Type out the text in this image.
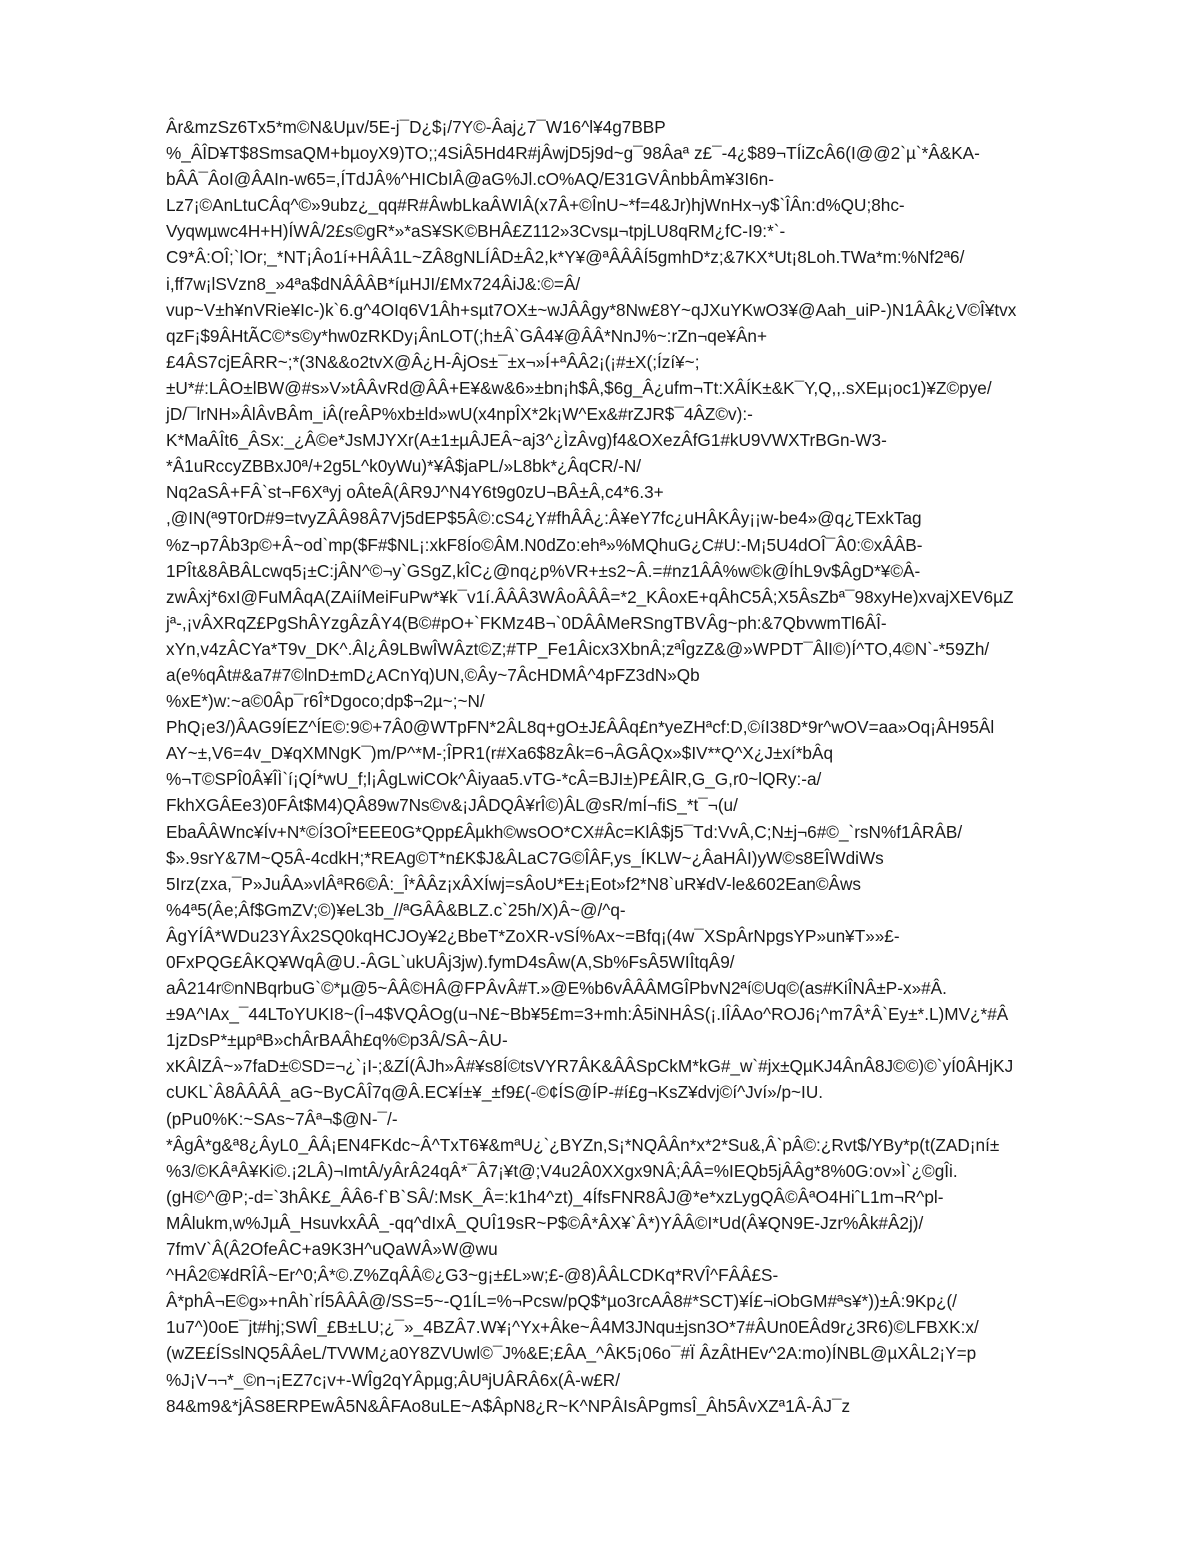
Âr&mzSz6Tx5*m©N&Uµv/5E-j¯D¿$¡/7Y©-Âaj¿7¯W16^l¥4g7BBP
%_ÂÎD¥T$8SmsaQM+bµoyX9)TO;;4SiÂ5Hd4R#jÂwjD5j9d~g¯98Âaª z£¯-4¿$89¬TÍiZcÂ6(I@@2`µ`*Â&KA-
bÂÂ¯ÂoI@ÂAIn-w65=,ÍTdJÂ%^HICbIÂ@aG%Jl.cO%AQ/E31GVÂnbbÂm¥3I6n-
Lz7¡©AnLtuCÂq^©»9ubz¿_qq#R#ÂwbLkaÂWIÂ(x7Â+©ÎnU~*f=4&Jr)hjWnHx¬y$`ÎÂn:d%QU;8hc-
Vyqwµwc4H+H)ÍWÂ/2£s©gR*»*aS¥SK©BHÂ£Z112»3Cvsµ¬tpjLU8qRM¿fC-I9:*`-
C9*Â:OÎ;`lOr;_*NT¡Âo1í+HÂÂ1L~ZÂ8gNLÍÂD±Â2,k*Y¥@ªÂÂÂÍ5gmhD*z;&7KX*Ut¡8Loh.TWa*m:%Nf2ª6/
i,ff7w¡lSVzn8_»4ªa$dNÂÂÂB*íµHJI/£Mx724ÂiJ&:©=Â/
vup~V±h¥nVRie¥Ic-)k`6.g^4OIq6V1Âh+sµt7OX±~wJÂÂgy*8Nw£8Y~qJXuYKwO3¥@Aah_uiP-)N1ÂÂk¿V©Î¥tvx
qzF¡$9ÂHtÃC©*s©y*hw0zRKDy¡ÂnLOT(;h±Â`GÂ4¥@ÂÂ*NnJ%~:rZn¬qe¥Ân+
£4ÂS7cjEÂRR~;*(3N&&o2tvX@Â¿H-ÂjOs±¯±x¬»Í+ªÂÂ2¡(¡#±X(;Ízí¥~;
±U*#:LÂO±lBW@#s»V»tÂÂvRd@ÂÂ+E¥&w&6»±bn¡h$Â,$6g_Â¿ufm¬Tt:XÂÍK±&K¯Y,Q,,.sXEµ¡oc1)¥Z©pye/
jD/¯lrNH»ÂlÂvBÂm_iÂ(reÂP%xb±ld»wU(x4npÎX*2k¡W^Ex&#rZJR$¯4ÂZ©v):-
K*MaÂÎt6_ÂSx:_¿Â©e*JsMJYXr(A±1±µÂJEÂ~aj3^¿ÌzÂvg)f4&OXezÂfG1#kU9VWXTrBGn-W3-
*Â1uRccyZBBxJ0ª/+2g5L^k0yWu)*¥Â$jaPL/»L8bk*¿ÂqCR/-N/
Nq2aSÂ+FÂ`st¬F6Xªyj oÂteÂ(ÂR9J^N4Y6t9g0zU¬BÂ±Â,c4*6.3+
,@IN(ª9T0rD#9=tvyZÂÂ98Â7Vj5dEP$5Â©:cS4¿Y#fhÂÂ¿:Â¥eY7fc¿uHÂKÂy¡¡w-be4»@q¿TExkTag
%z¬p7Âb3p©+Â~od`mp($F#$NL¡:xkF8Ío©ÂM.N0dZo:ehª»%MQhuG¿C#U:-M¡5U4dOÎ¯Â0:©xÂÂB-
1PÎt&8ÂBÂLcwq5¡±C:jÂN^©¬y`GSgZ,kÎC¿@nq¿p%VR+±s2~Â.=#nz1ÂÂ%w©k@ÍhL9v$ÂgD*¥©Â-
zwÂxj*6xI@FuMÂqA(ZAiíMeiFuPw*¥k¯v1í.ÂÂÂ3WÂoÂÂÂ=*2_KÂoxE+qÂhC5Â;X5ÂsZbª¯98xyHe)xvajXEV6µZ
jª-,¡vÂXRqZ£PgShÂYzgÂzÂY4(B©#pO+`FKMz4B¬`0DÂÂMeRSngTBVÂg~ph:&7QbvwmTl6ÂÎ-
xYn,v4zÂCYa*T9v_DK^.Âl¿Â9LBwÎWÂzt©Z;#TP_Fe1Âicx3XbnÂ;zªÎgzZ&@»WPDT¯ÂlI©)Í^TO,4©N`-*59Zh/
a(e%qÂt#&a7#7©lnD±mD¿ACnYq)UN,©Ây~7ÂcHDMÂ^4pFZ3dN»Qb
%xE*)w:~a©0Âp¯r6Î*Dgoco;dp$¬2µ~;~N/
PhQ¡e3/)ÂAG9ÍEZ^ÍE©:9©+7Â0@WTpFN*2ÂL8q+gO±J£ÂÂq£n*yeZHªcf:D,©íI38D*9r^wOV=aa»Oq¡ÂH95Âl
AY~±,V6=4v_D¥qXMNgK¯)m/P^*M-;ÎPR1(r#Xa6$8zÂk=6¬ÂGÂQx»$IV**Q^X¿J±xí*bÂq
%¬T©SPÎ0Â¥ÎÌ`í¡QÍ*wU_f;l¡ÂgLwiCOk^Âiyaa5.vTG-*cÂ=BJI±)P£ÂlR,G_G,r0~lQRy:-a/
FkhXGÂEe3)0FÂt$M4)QÂ89w7Ns©v&¡JÂDQÂ¥rÎ©)ÂL@sR/mÍ¬fiS_*t¯¬(u/
EbaÂÂWnc¥Ív+N*©Í3OÎ*EEE0G*Qpp£Âµkh©wsOO*CX#Âc=KlÂ$j5¯Td:VvÂ,C;N±j¬6#©_`rsN%f1ÂRÂB/
$».9srY&7M~Q5Â-4cdkH;*REAg©T*n£K$J&ÂLaC7G©ÎÂF,ys_ÍKLW~¿ÂaHÂI)yW©s8EÎWdiWs
5Irz(zxa,¯P»JuÂA»vlÂªR6©Â:_Î*ÂÂz¡xÂXÍwj=sÂoU*E±¡Eot»f2*N8`uR¥dV-le&602Ean©Âws
%4ª5(Âe;Âf$GmZV;©)¥eL3b_//ªGÂÂ&BLZ.c`25h/X)Â~@/^q-
ÂgYÍÂ*WDu23YÂx2SQ0kqHCJOy¥2¿BbeT*ZoXR-vSÍ%Ax~=Bfq¡(4w¯XSpÂrNpgsYP»un¥T»»£-
0FxPQG£ÂKQ¥WqÂ@U.-ÂGL`ukUÂj3jw).fymD4sÂw(A,Sb%FsÂ5WIÎtqÂ9/
aÂ214r©nNBqrbuG`©*µ@5~ÂÂ©HÂ@FPÂvÂ#T.»@E%b6vÂÂÂMGÎPbvN2ªí©Uq©(as#KiÎNÂ±P-x»#Â.
±9A^IAx_¯44LToYUKI8~(Î¬4$VQÂOg(u¬N£~Bb¥5£m=3+mh:Â5iNHÂS(¡.IÎÂAo^ROJ6¡^m7Â*Â`Ey±*.L)MV¿*#Â
1jzDsP*±µpªB»chÂrBAÂh£q%©p3Â/SÂ~ÂU-
xKÂlZÂ~»7faD±©SD=¬¿`¡I-;&ZÍ(ÂJh»Â#¥s8Í©tsVYR7ÂK&ÂÂSpCkM*kG#_w`#jx±QµKJ4ÂnÂ8J©©)©`yÍ0ÂHjKJ
cUKL`Â8ÂÂÂÂ_aG~ByCÂÎ7q@Â.EC¥Í±¥_±f9£(-©¢ÍS@ÍP-#í£g¬KsZ¥dvj©í^Jví»/p~IU.
(pPu0%K:~SAs~7Âª¬$@N-¯/-
*ÂgÂ*g&ª8¿ÂyL0_ÂÂ¡EN4FKdc~Â^TxT6¥&mªU¿`¿BYZn,S¡*NQÂÂn*x*2*Su&,Â`pÂ©:¿Rvt$/YBy*p(t(ZAD¡ní±
%3/©KÂªÂ¥Ki©.¡2LÂ)¬ImtÂ/yÂrÂ24qÂ*¯Â7¡¥t@;V4u2Â0XXgx9NÂ;ÂÂ=%IEQb5jÂÂg*8%0G:ov»Ì`¿©gÎi.
(gH©^@P;-d=`3hÂK£_ÂÂ6-f`B`SÂ/:MsK_Â=:k1h4^zt)_4ÍfsFNR8ÂJ@*e*xzLygQÂ©ÂªO4HiˆL1m¬R^pl-
MÂlukm,w%JµÂ_HsuvkxÂÂ_-qq^dIxÂ_QUÎ19sR~P$©Â*ÂX¥`Â*)YÂÂ©I*Ud(Â¥QN9E-Jzr%Âk#Â2j)/
7fmV`Â(Â2OfeÂC+a9K3H^uQaWÂ»W@wu
^HÂ2©¥dRÎÂ~Er^0;Â*©.Z%ZqÂÂ©¿G3~g¡±£L»w;£-@8)ÂÂLCDKq*RVÎ^FÂÂ£S-
Â*phÂ¬E©g»+nÂh`rÍ5ÂÂÂ@/SS=5~-Q1ÍL=%¬Pcsw/pQ$*µo3rcAÂ8#*SCT)¥Í£¬iObGM#ªs¥*))±Â:9Kp¿(/
1u7^)0oE¯jt#hj;SWÎ_£B±LU;¿¯»_4BZÂ7.W¥¡^Yx+Âke~Â4M3JNqu±jsn3O*7#ÂUn0EÂd9r¿3R6)©LFBXK:x/
(wZE£ÍSslNQ5ÂÂeL/TVWM¿a0Y8ZVUwl©¯J%&E;£ÂA_^ÂK5¡06o¯#Ϊ ÂzÂtHEv^2A:mo)ÍNBL@µXÂL2¡Y=p
%J¡V¬¬*_©n¬¡EZ7c¡v+-WÎg2qYÂpµg;ÂUªjUÂRÂ6x(Â-w£R/
84&m9&*jÂS8ERPEwÂ5N&ÂFAo8uLE~A$ÂpN8¿R~K^NPÂIsÂPgmsÎ_Âh5ÂvXZª1Â-ÂJ¯z
